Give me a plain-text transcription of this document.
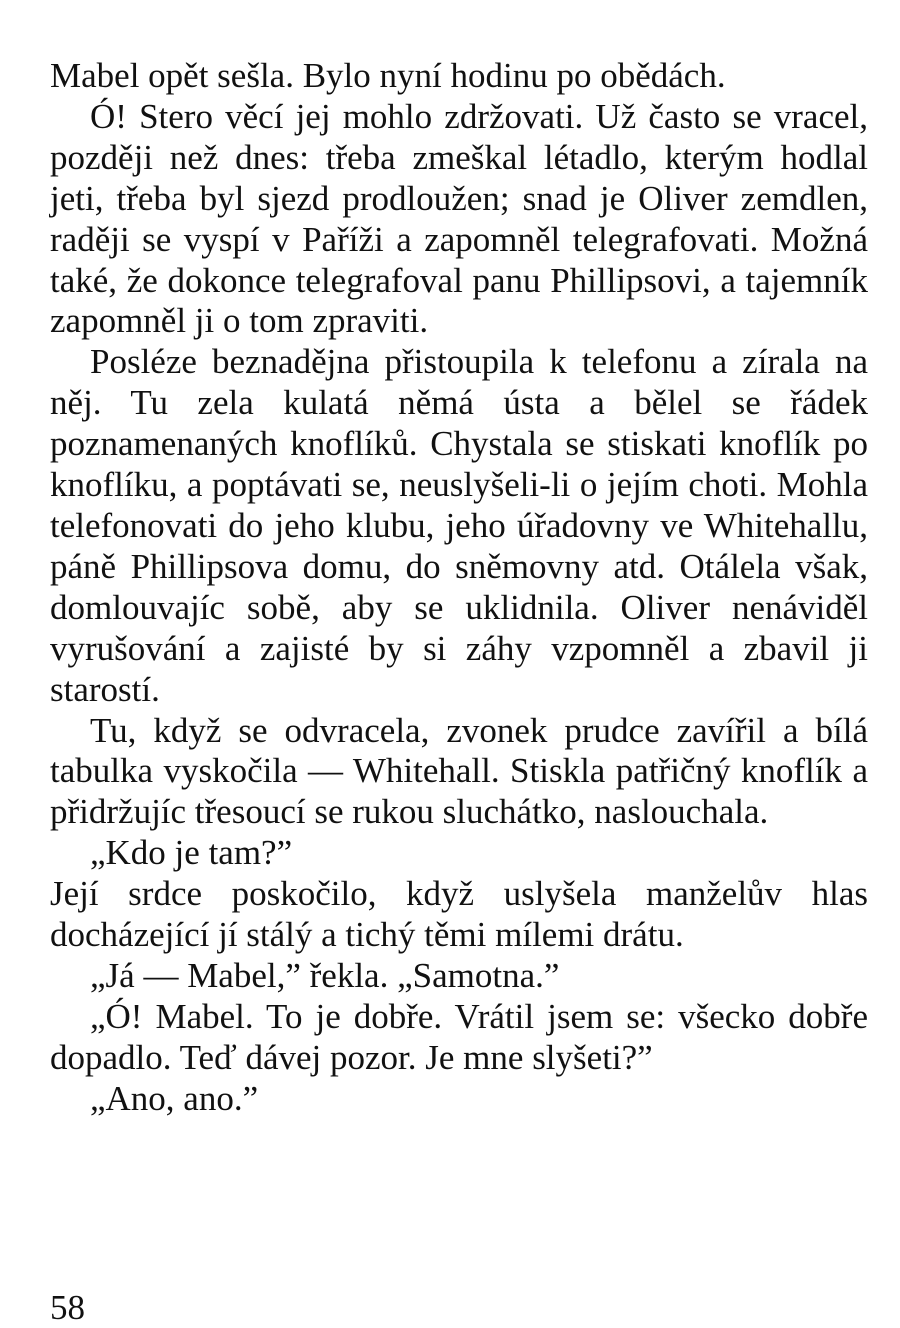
Mabel opět sešla. Bylo nyní hodinu po obědách.

Ó! Stero věcí jej mohlo zdržovati. Už často se vracel, později než dnes: třeba zmeškal létadlo, kterým hodlal jeti, třeba byl sjezd prodloužen; snad je Oliver zemdlen, raději se vyspí v Paříži a zapomněl telegrafovati. Možná také, že dokonce telegrafoval panu Phillipsovi, a tajemník zapomněl ji o tom zpraviti.

Posléze beznadějna přistoupila k telefonu a zírala na něj. Tu zela kulatá němá ústa a bělel se řádek poznamenaných knoflíků. Chystala se stiskati knoflík po knoflíku, a poptávati se, neuslyšeli-li o jejím choti. Mohla telefonovati do jeho klubu, jeho úřadovny ve Whitehallu, páně Phillipsova domu, do sněmovny atd. Otálela však, domlouvajíc sobě, aby se uklidnila. Oliver nenáviděl vyrušování a zajisté by si záhy vzpomněl a zbavil ji starostí.

Tu, když se odvracela, zvonek prudce zavířil a bílá tabulka vyskočila — Whitehall. Stiskla patřičný knoflík a přidržujíc třesoucí se rukou sluchátko, naslouchala.

„Kdo je tam?”

Její srdce poskočilo, když uslyšela manželův hlas docházející jí stálý a tichý těmi mílemi drátu.

„Já — Mabel,” řekla. „Samotna.”

„Ó! Mabel. To je dobře. Vrátil jsem se: všecko dobře dopadlo. Teď dávej pozor. Je mne slyšeti?”

„Ano, ano.”

58
